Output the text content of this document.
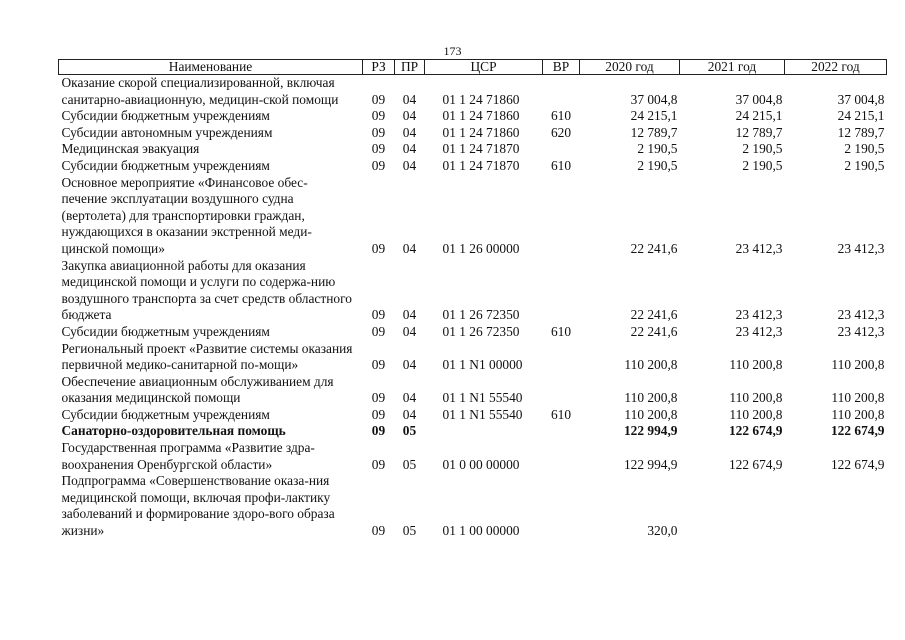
173
Наименование	РЗ	ПР	ЦСР	ВР	2020 год	2021 год	2022 год
Оказание скорой специализированной, включая санитарно-авиационную, медицин-ской помощи	09	04	01 1 24 71860		37 004,8	37 004,8	37 004,8
Субсидии бюджетным учреждениям	09	04	01 1 24 71860	610	24 215,1	24 215,1	24 215,1
Субсидии автономным учреждениям	09	04	01 1 24 71860	620	12 789,7	12 789,7	12 789,7
Медицинская эвакуация	09	04	01 1 24 71870		2 190,5	2 190,5	2 190,5
Субсидии бюджетным учреждениям	09	04	01 1 24 71870	610	2 190,5	2 190,5	2 190,5
Основное мероприятие «Финансовое обес-печение эксплуатации воздушного судна (вертолета) для транспортировки граждан, нуждающихся в оказании экстренной меди-цинской помощи»	09	04	01 1 26 00000		22 241,6	23 412,3	23 412,3
Закупка авиационной работы для оказания медицинской помощи и услуги по содержа-нию воздушного транспорта за счет средств областного бюджета	09	04	01 1 26 72350		22 241,6	23 412,3	23 412,3
Субсидии бюджетным учреждениям	09	04	01 1 26 72350	610	22 241,6	23 412,3	23 412,3
Региональный проект «Развитие системы оказания первичной медико-санитарной по-мощи»	09	04	01 1 N1 00000		110 200,8	110 200,8	110 200,8
Обеспечение авиационным обслуживанием для оказания медицинской помощи	09	04	01 1 N1 55540		110 200,8	110 200,8	110 200,8
Субсидии бюджетным учреждениям	09	04	01 1 N1 55540	610	110 200,8	110 200,8	110 200,8
Санаторно-оздоровительная помощь	09	05			122 994,9	122 674,9	122 674,9
Государственная программа «Развитие здра-воохранения Оренбургской области»	09	05	01 0 00 00000		122 994,9	122 674,9	122 674,9
Подпрограмма «Совершенствование оказа-ния медицинской помощи, включая профи-лактику заболеваний и формирование здоро-вого образа жизни»	09	05	01 1 00 00000		320,0		
